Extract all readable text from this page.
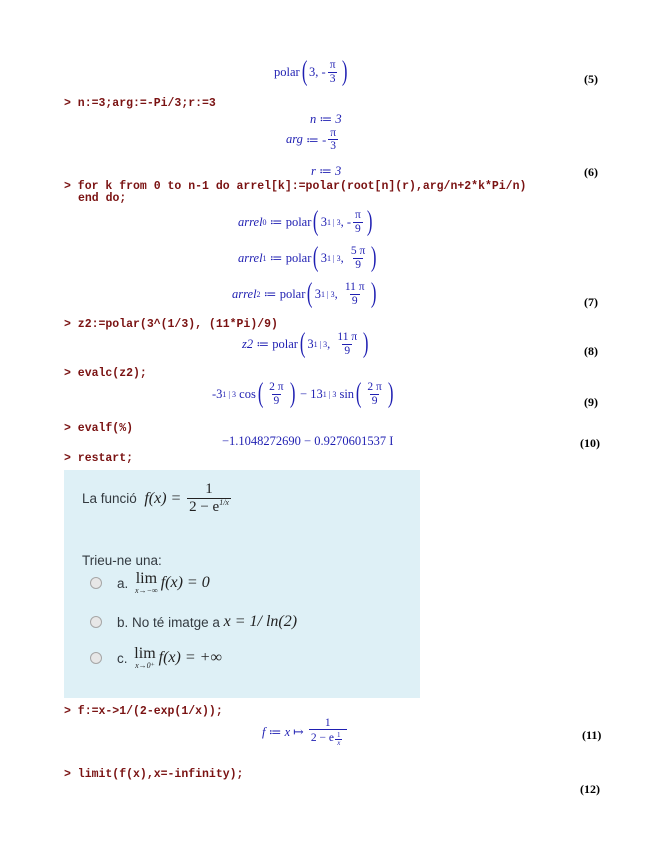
polar ( 3 , - $\frac{\pi}{3}$ )	(5)
> n:=3;arg:=-Pi/3;r:=3
n ≔ 3
arg
≔ - $\frac{\pi}{3}$
r ≔ 3	(6)
> for k from 0 to n-1 do arrel[k]:=polar(root[n](r),arg/n+2*k*Pi/n)
end do;
arrel 0
≔ polar ( 3 1 | 3 , - $\frac{\pi}{9}$ )
arrel 1
≔ polar ( 3 1 | 3 , $\frac{5 \pi}{9}$ )
arrel 2
≔ polar ( 3 1 | 3 , $\frac{11 \pi}{9}$ )	(7)
> z2:=polar(3^(1/3), (11*Pi)/9)
z2
≔ polar ( 3 1 | 3 , $\frac{11 \pi}{9}$ )	(8)
> evalc(z2);
-3 1 | 3
cos ( $\frac{2 \pi}{9}$ )
− 13 1 | 3
sin ( $\frac{2 \pi}{9}$ )	(9)
> evalf(%)
−1.1048272690 − 0.9270601537 I	(10)
> restart;
La funció
f(x) =
$\frac{1}{2 - e^{1/x}}$
Trieu-ne una:

a.
lim
x→−∞ f(x) = 0

b.
No té imatge a
x = 1/ ln(2)

c.
lim
x→0⁺ f(x) = +∞
> f:=x->1/(2-exp(1/x));
f ≔ x ↦
$\frac{1}{2 - e \frac{1}{x}}$	(11)
> limit(f(x),x=-infinity);
(12)
